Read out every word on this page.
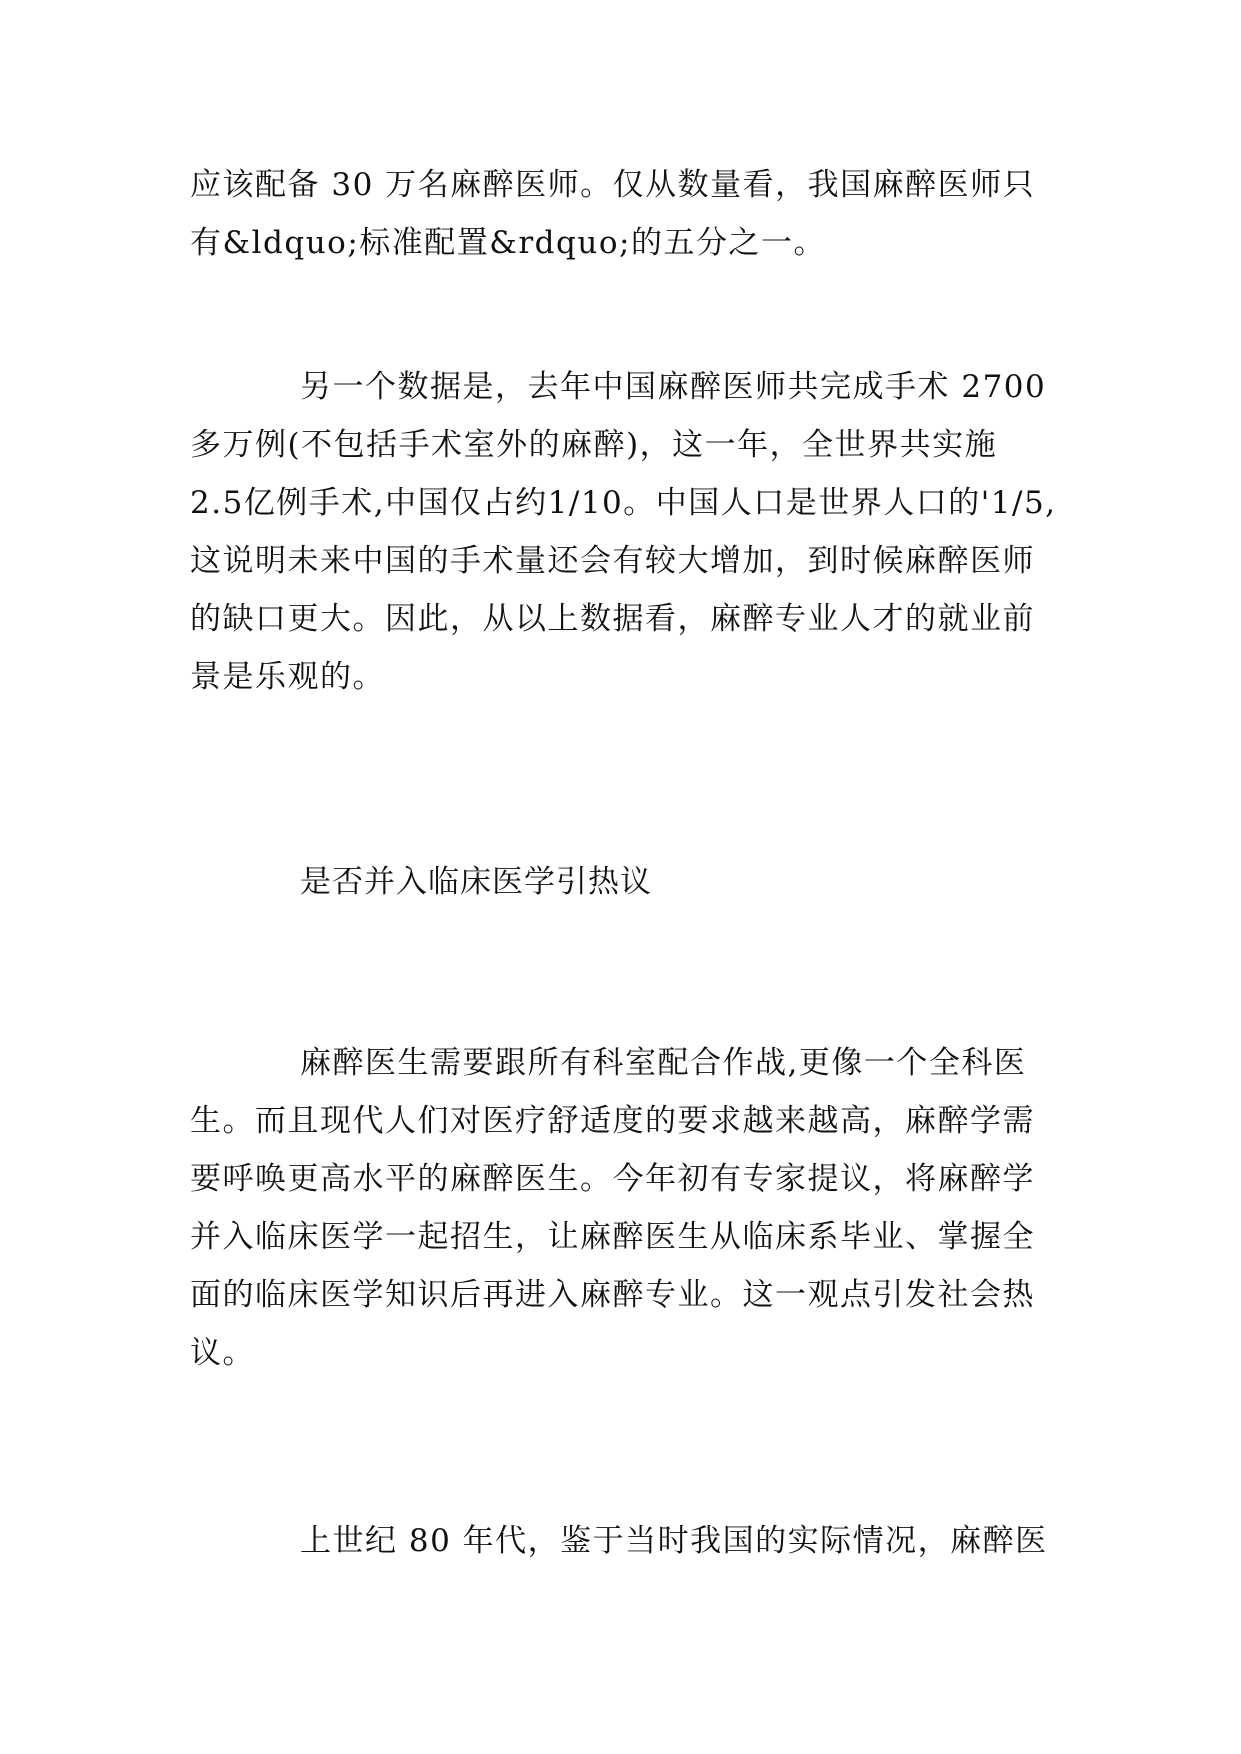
应该配备 30 万名麻醉医师。仅从数量看，我国麻醉医师只
有&ldquo;标准配置&rdquo;的五分之一。

另一个数据是，去年中国麻醉医师共完成手术 2700
多万例(不包括手术室外的麻醉)，这一年，全世界共实施
2.5亿例手术,中国仅占约1/10。中国人口是世界人口的'1/5,
这说明未来中国的手术量还会有较大增加，到时候麻醉医师
的缺口更大。因此，从以上数据看，麻醉专业人才的就业前
景是乐观的。

是否并入临床医学引热议

麻醉医生需要跟所有科室配合作战,更像一个全科医
生。而且现代人们对医疗舒适度的要求越来越高，麻醉学需
要呼唤更高水平的麻醉医生。今年初有专家提议，将麻醉学
并入临床医学一起招生，让麻醉医生从临床系毕业、掌握全
面的临床医学知识后再进入麻醉专业。这一观点引发社会热
议。

上世纪 80 年代，鉴于当时我国的实际情况，麻醉医
